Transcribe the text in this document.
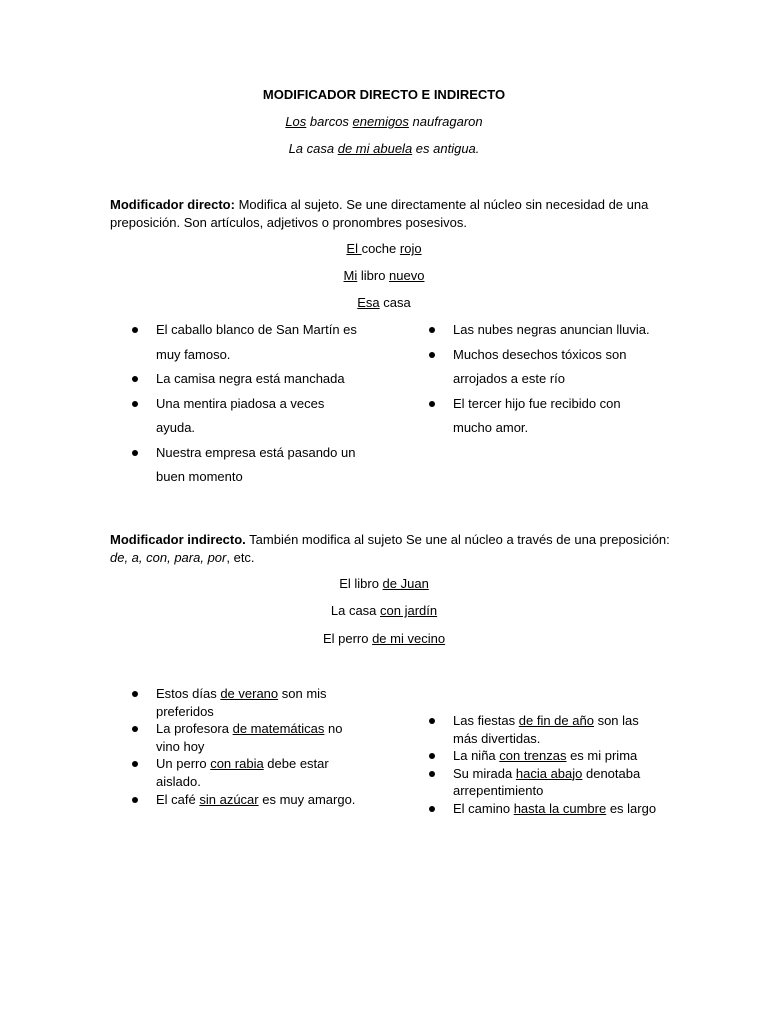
MODIFICADOR DIRECTO E INDIRECTO
Los barcos enemigos naufragaron
La casa de mi abuela es antigua.
Modificador directo: Modifica al sujeto. Se une directamente al núcleo sin necesidad de una preposición. Son artículos, adjetivos o pronombres posesivos.
El coche rojo
Mi libro nuevo
Esa casa
El caballo blanco de San Martín es muy famoso.
La camisa negra está manchada
Una mentira piadosa a veces ayuda.
Nuestra empresa está pasando un buen momento
Las nubes negras anuncian lluvia.
Muchos desechos tóxicos son arrojados a este río
El tercer hijo fue recibido con mucho amor.
Modificador indirecto. También modifica al sujeto Se une al núcleo a través de una preposición: de, a, con, para, por, etc.
El libro de Juan
La casa con jardín
El perro de mi vecino
Estos días de verano son mis preferidos
La profesora de matemáticas no vino hoy
Un perro con rabia debe estar aislado.
El café sin azúcar es muy amargo.
Las fiestas de fin de año son las más divertidas.
La niña con trenzas es mi prima
Su mirada hacia abajo denotaba arrepentimiento
El camino hasta la cumbre es largo
